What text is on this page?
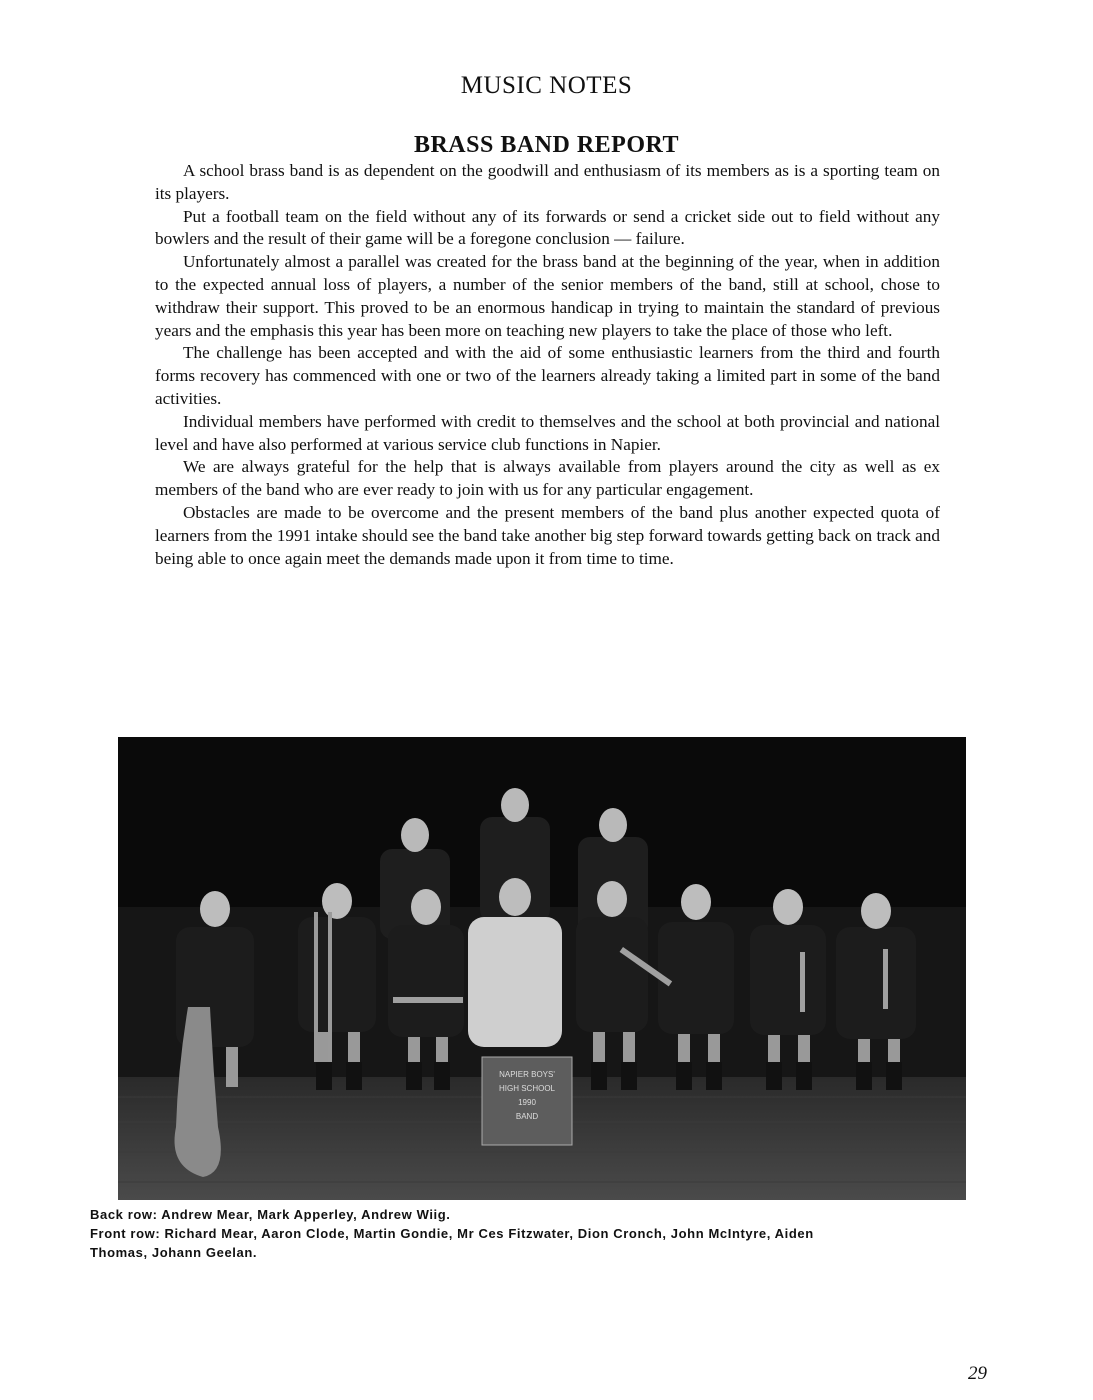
MUSIC NOTES
BRASS BAND REPORT

A school brass band is as dependent on the goodwill and enthusiasm of its members as is a sporting team on its players.

Put a football team on the field without any of its forwards or send a cricket side out to field without any bowlers and the result of their game will be a foregone conclusion — failure.

Unfortunately almost a parallel was created for the brass band at the beginning of the year, when in addition to the expected annual loss of players, a number of the senior members of the band, still at school, chose to withdraw their support. This proved to be an enormous handicap in trying to maintain the standard of previous years and the emphasis this year has been more on teaching new players to take the place of those who left.

The challenge has been accepted and with the aid of some enthusiastic learners from the third and fourth forms recovery has commenced with one or two of the learners already taking a limited part in some of the band activities.

Individual members have performed with credit to themselves and the school at both provincial and national level and have also performed at various service club functions in Napier.

We are always grateful for the help that is always available from players around the city as well as ex members of the band who are ever ready to join with us for any particular engagement.

Obstacles are made to be overcome and the present members of the band plus another expected quota of learners from the 1991 intake should see the band take another big step forward towards getting back on track and being able to once again meet the demands made upon it from time to time.

NAPIER BOYS'
HIGH SCHOOL
1990
BAND
Back row: Andrew Mear, Mark Apperley, Andrew Wiig.
Front row: Richard Mear, Aaron Clode, Martin Gondie, Mr Ces Fitzwater, Dion Cronch, John McIntyre, Aiden
Thomas, Johann Geelan.
29
